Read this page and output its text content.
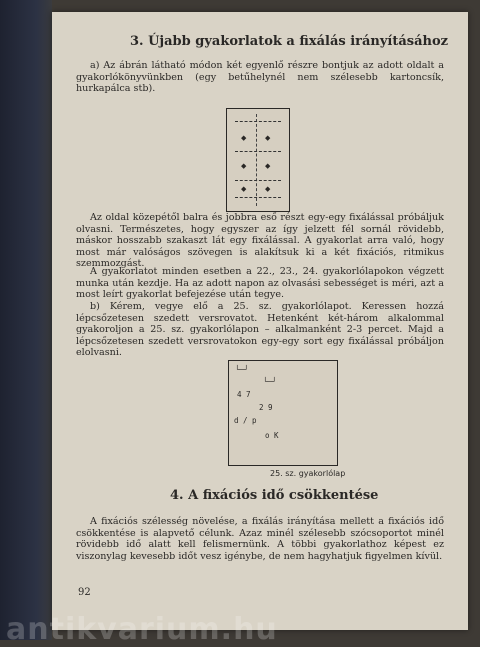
3. Újabb gyakorlatok a fixálás irányításához

a) Az ábrán látható módon két egyenlő részre bontjuk az adott oldalt a gyakorlókönyvünkben (egy betűhelynél nem szélesebb kartoncsík, hurkapálca stb).

◆	◆
◆	◆
◆	◆

Az oldal közepétől balra és jobbra eső részt egy-egy fixálással próbáljuk olvasni. Természetes, hogy egyszer az így jelzett fél sornál rövidebb, máskor hosszabb szakaszt lát egy fixálással. A gyakorlat arra való, hogy most már valóságos szövegen is alakítsuk ki a két fixációs, ritmikus szemmozgást.

A gyakorlatot minden esetben a 22., 23., 24. gyakorlólapokon végzett munka után kezdje. Ha az adott napon az olvasási sebességet is méri, azt a most leírt gyakorlat befejezése után tegye.

b) Kérem, vegye elő a 25. sz. gyakorlólapot. Keressen hozzá lépcsőzetesen szedett versrovatot. Hetenként két-három alkalommal gyakoroljon a 25. sz. gyakorlólapon – alkalmanként 2-3 percet. Majd a lépcsőzetesen szedett versrovatokon egy-egy sort egy fixálással próbáljon elolvasni.

└─┘
└─┘
4 7
2 9
d / p
o K
25. sz. gyakorlólap
4. A fixációs idő csökkentése

A fixációs szélesség növelése, a fixálás irányítása mellett a fixációs idő csökkentése is alapvető célunk. Azaz minél szélesebb szócsoportot minél rövidebb idő alatt kell felismernünk. A többi gyakorlathoz képest ez viszonylag kevesebb időt vesz igénybe, de nem hagyhatjuk figyelmen kívül.

92
antikvarium.hu
